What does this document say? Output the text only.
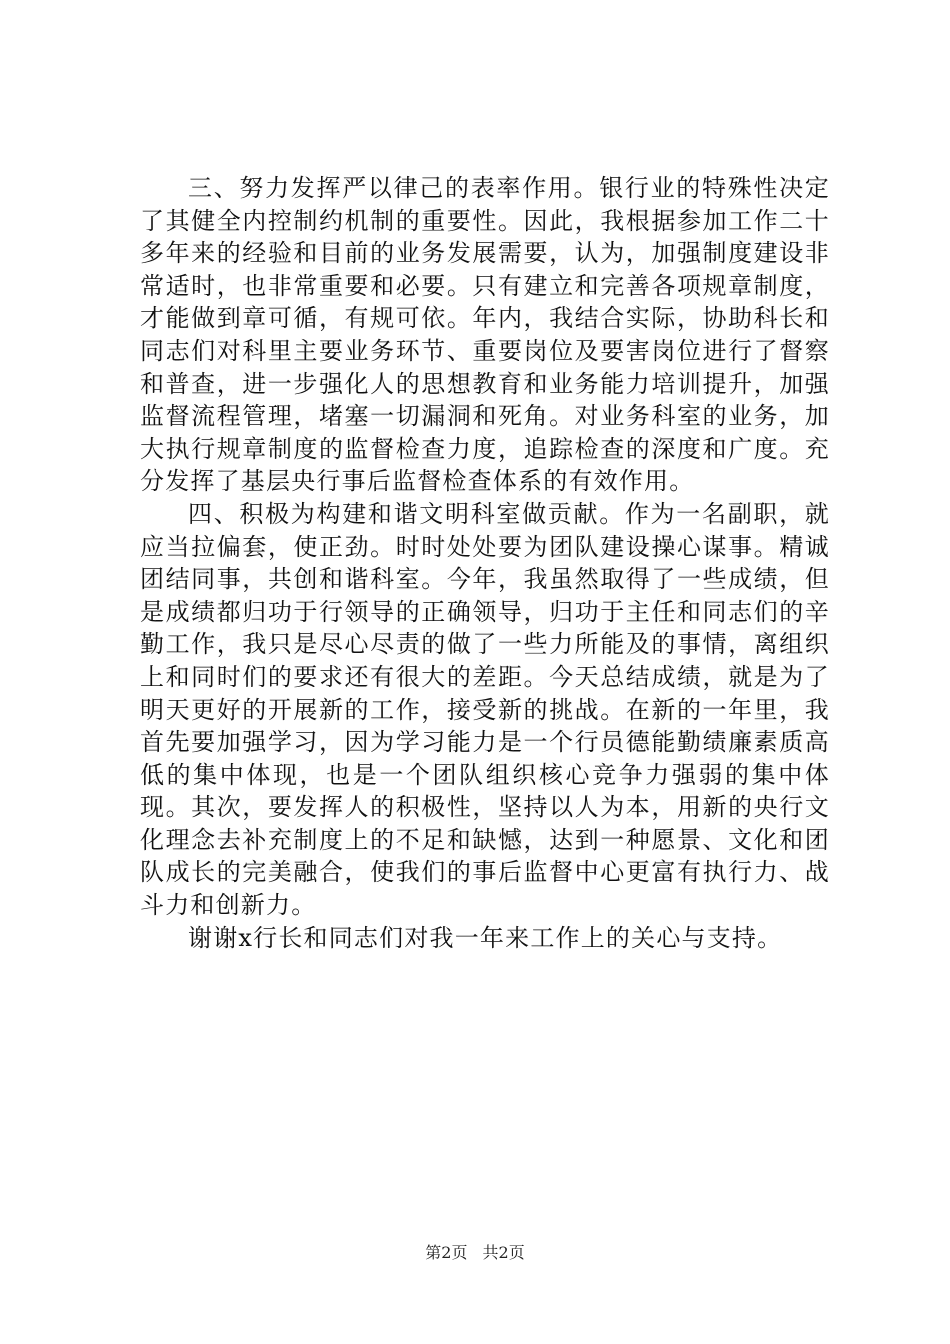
三、努力发挥严以律己的表率作用。银行业的特殊性决定了其健全内控制约机制的重要性。因此，我根据参加工作二十多年来的经验和目前的业务发展需要，认为，加强制度建设非常适时，也非常重要和必要。只有建立和完善各项规章制度，才能做到章可循，有规可依。年内，我结合实际，协助科长和同志们对科里主要业务环节、重要岗位及要害岗位进行了督察和普查，进一步强化人的思想教育和业务能力培训提升，加强监督流程管理，堵塞一切漏洞和死角。对业务科室的业务，加大执行规章制度的监督检查力度，追踪检查的深度和广度。充分发挥了基层央行事后监督检查体系的有效作用。

四、积极为构建和谐文明科室做贡献。作为一名副职，就应当拉偏套，使正劲。时时处处要为团队建设操心谋事。精诚团结同事，共创和谐科室。今年，我虽然取得了一些成绩，但是成绩都归功于行领导的正确领导，归功于主任和同志们的辛勤工作，我只是尽心尽责的做了一些力所能及的事情，离组织上和同时们的要求还有很大的差距。今天总结成绩，就是为了明天更好的开展新的工作，接受新的挑战。在新的一年里，我首先要加强学习，因为学习能力是一个行员德能勤绩廉素质高低的集中体现，也是一个团队组织核心竞争力强弱的集中体现。其次，要发挥人的积极性，坚持以人为本，用新的央行文化理念去补充制度上的不足和缺憾，达到一种愿景、文化和团队成长的完美融合，使我们的事后监督中心更富有执行力、战斗力和创新力。

谢谢x行长和同志们对我一年来工作上的关心与支持。

第2页 共2页
